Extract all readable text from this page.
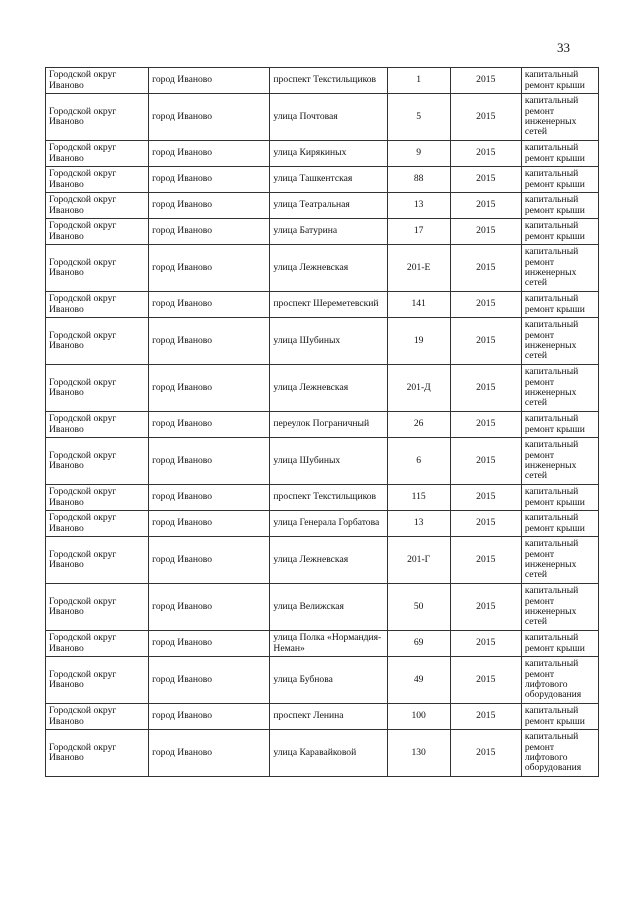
33
Городской округ Иваново	город Иваново	проспект Текстильщиков	1	2015	капитальный ремонт крыши
Городской округ Иваново	город Иваново	улица Почтовая	5	2015	капитальный ремонт инженерных сетей
Городской округ Иваново	город Иваново	улица Кирякиных	9	2015	капитальный ремонт крыши
Городской округ Иваново	город Иваново	улица Ташкентская	88	2015	капитальный ремонт крыши
Городской округ Иваново	город Иваново	улица Театральная	13	2015	капитальный ремонт крыши
Городской округ Иваново	город Иваново	улица Батурина	17	2015	капитальный ремонт крыши
Городской округ Иваново	город Иваново	улица Лежневская	201-Е	2015	капитальный ремонт инженерных сетей
Городской округ Иваново	город Иваново	проспект Шереметевский	141	2015	капитальный ремонт крыши
Городской округ Иваново	город Иваново	улица Шубиных	19	2015	капитальный ремонт инженерных сетей
Городской округ Иваново	город Иваново	улица Лежневская	201-Д	2015	капитальный ремонт инженерных сетей
Городской округ Иваново	город Иваново	переулок Пограничный	26	2015	капитальный ремонт крыши
Городской округ Иваново	город Иваново	улица Шубиных	6	2015	капитальный ремонт инженерных сетей
Городской округ Иваново	город Иваново	проспект Текстильщиков	115	2015	капитальный ремонт крыши
Городской округ Иваново	город Иваново	улица Генерала Горбатова	13	2015	капитальный ремонт крыши
Городской округ Иваново	город Иваново	улица Лежневская	201-Г	2015	капитальный ремонт инженерных сетей
Городской округ Иваново	город Иваново	улица Велижская	50	2015	капитальный ремонт инженерных сетей
Городской округ Иваново	город Иваново	улица Полка «Нормандия-Неман»	69	2015	капитальный ремонт крыши
Городской округ Иваново	город Иваново	улица Бубнова	49	2015	капитальный ремонт лифтового оборудования
Городской округ Иваново	город Иваново	проспект Ленина	100	2015	капитальный ремонт крыши
Городской округ Иваново	город Иваново	улица Каравайковой	130	2015	капитальный ремонт лифтового оборудования
